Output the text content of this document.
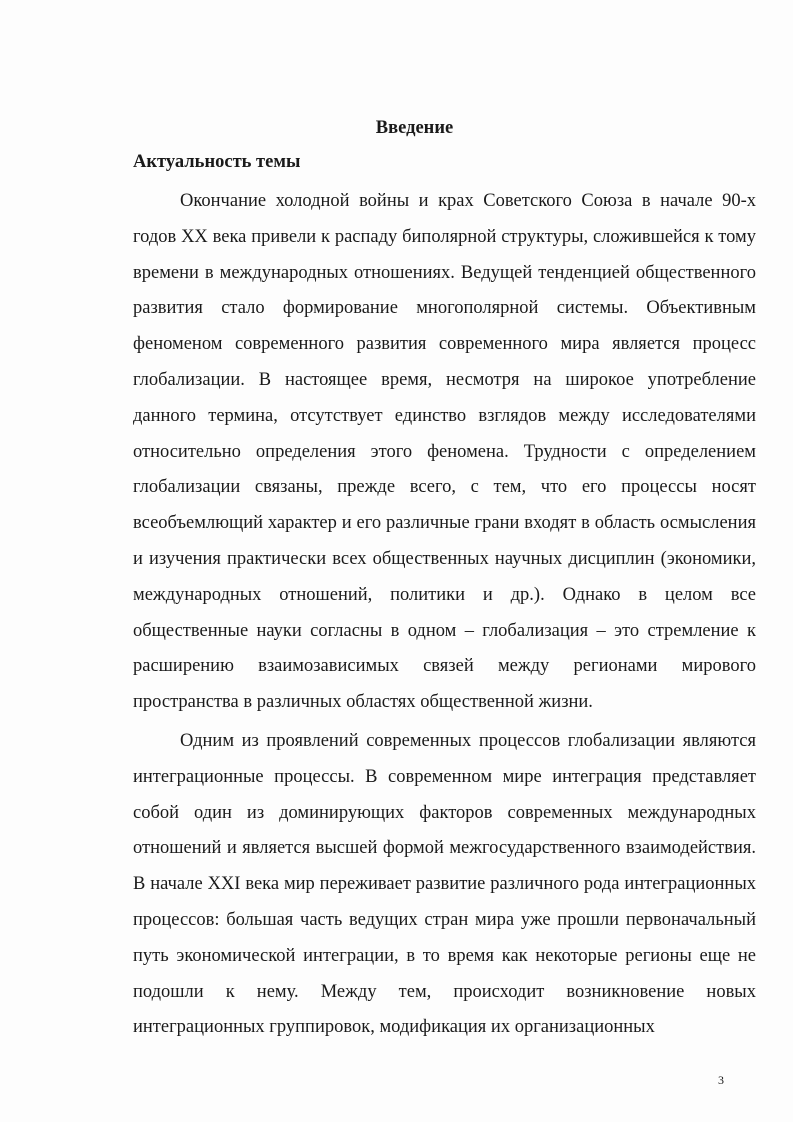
Введение
Актуальность темы

Окончание холодной войны и крах Советского Союза в начале 90-х годов XX века привели к распаду биполярной структуры, сложившейся к тому времени в международных отношениях. Ведущей тенденцией общественного развития стало формирование многополярной системы. Объективным феноменом современного развития современного мира является процесс глобализации. В настоящее время, несмотря на широкое употребление данного термина, отсутствует единство взглядов между исследователями относительно определения этого феномена. Трудности с определением глобализации связаны, прежде всего, с тем, что его процессы носят всеобъемлющий характер и его различные грани входят в область осмысления и изучения практически всех общественных научных дисциплин (экономики, международных отношений, политики и др.). Однако в целом все общественные науки согласны в одном – глобализация – это стремление к расширению взаимозависимых связей между регионами мирового пространства в различных областях общественной жизни.

Одним из проявлений современных процессов глобализации являются интеграционные процессы. В современном мире интеграция представляет собой один из доминирующих факторов современных международных отношений и является высшей формой межгосударственного взаимодействия. В начале XXI века мир переживает развитие различного рода интеграционных процессов: большая часть ведущих стран мира уже прошли первоначальный путь экономической интеграции, в то время как некоторые регионы еще не подошли к нему. Между тем, происходит возникновение новых интеграционных группировок, модификация их организационных

3
